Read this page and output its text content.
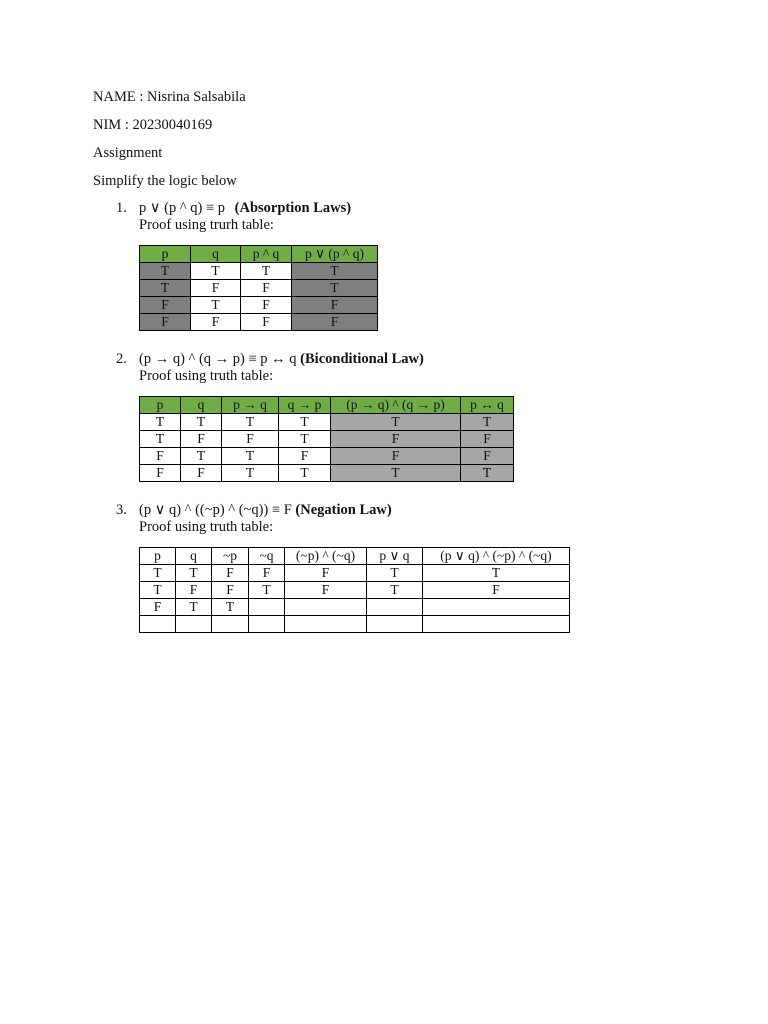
NAME : Nisrina Salsabila
NIM : 20230040169
Assignment
Simplify the logic below
1. p ∨ (p ^ q) ≡ p (Absorption Laws)
Proof using trurh table:
p	q	p ^ q	p ∨ (p ^ q)
T	T	T	T
T	F	F	T
F	T	F	F
F	F	F	F
2. (p → q) ^ (q → p) ≡ p ↔ q (Biconditional Law)
Proof using truth table:
p	q	p → q	q → p	(p → q) ^ (q → p)	p ↔ q
T	T	T	T	T	T
T	F	F	T	F	F
F	T	T	F	F	F
F	F	T	T	T	T
3. (p ∨ q) ^ ((~p) ^ (~q)) ≡ F (Negation Law)
Proof using truth table:
p	q	~p	~q	(~p) ^ (~q)	p ∨ q	(p ∨ q) ^ (~p) ^ (~q)
T	T	F	F	F	T	T
T	F	F	T	F	T	F
F	T	T				
